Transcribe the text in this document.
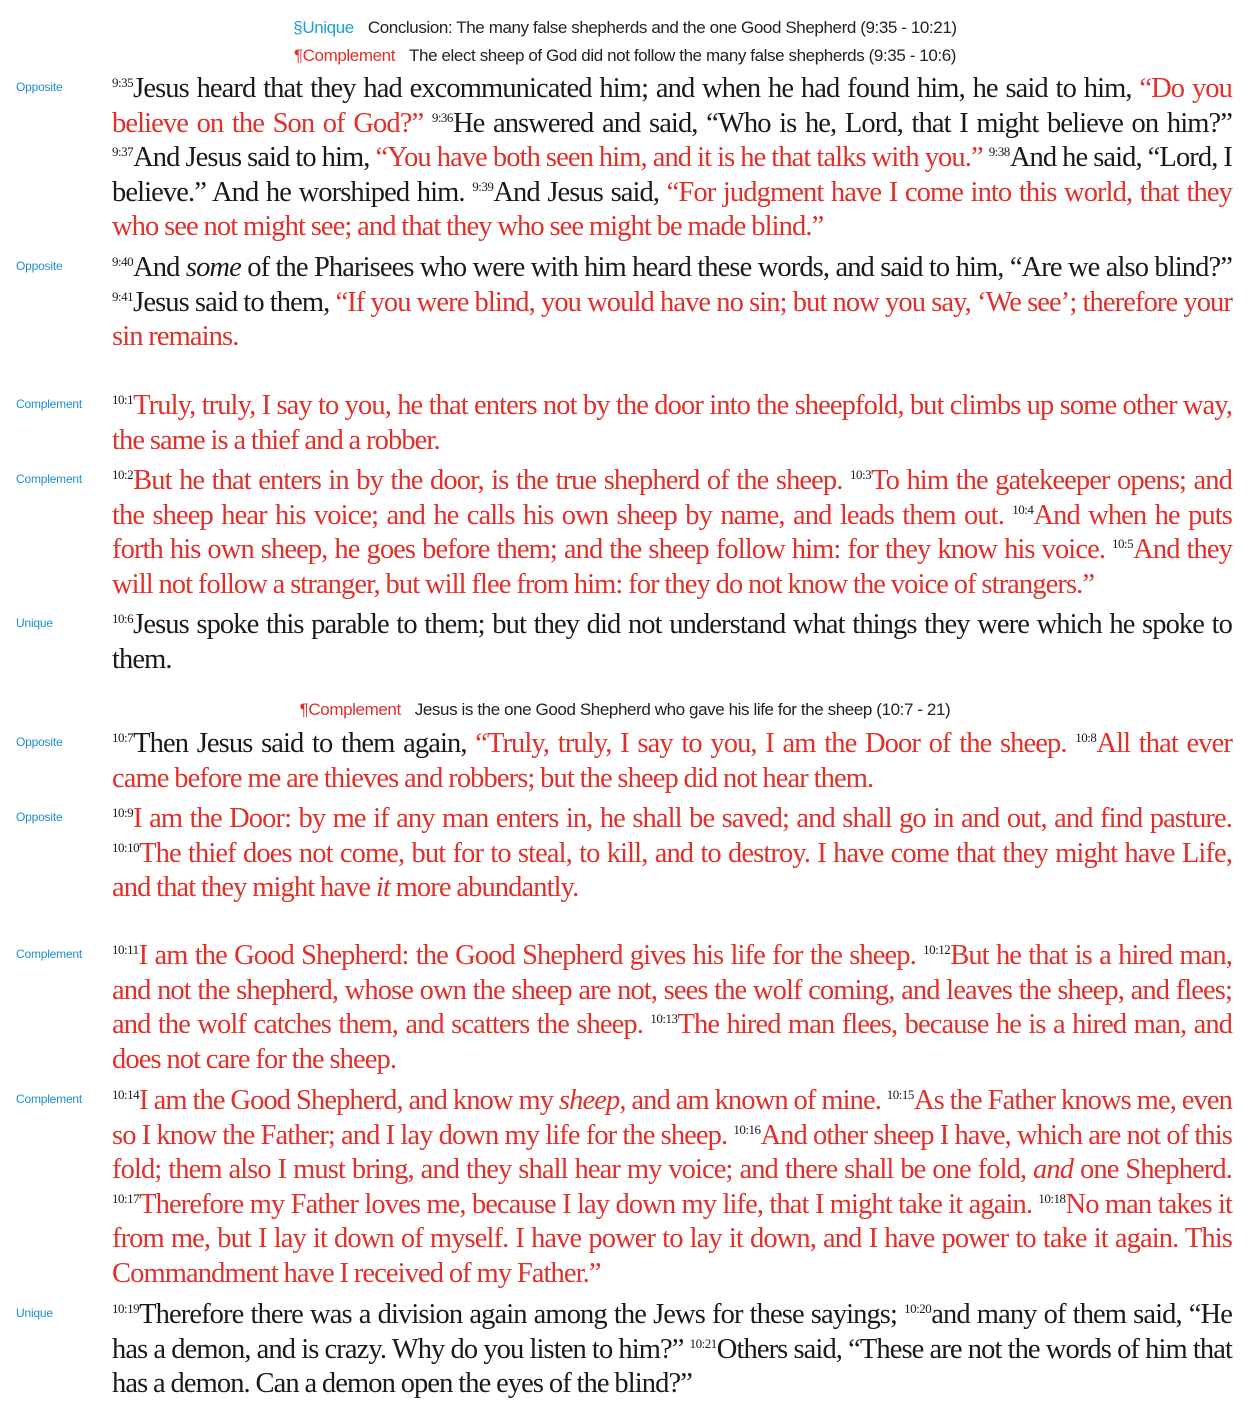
§Unique Conclusion: The many false shepherds and the one Good Shepherd (9:35 - 10:21)
¶Complement The elect sheep of God did not follow the many false shepherds (9:35 - 10:6)
¶Complement Jesus is the one Good Shepherd who gave his life for the sheep (10:7 - 21)
Opposite	$^{9:35}$Jesus heard that they had excommunicated him; and when he had found him, he said to him, “Do you believe on the Son of God?” $^{9:36}$He answered and said, “Who is he, Lord, that I might believe on him?” $^{9:37}$And Jesus said to him, “You have both seen him, and it is he that talks with you.” $^{9:38}$And he said, “Lord, I believe.” And he worshiped him. $^{9:39}$And Jesus said, “For judgment have I come into this world, that they who see not might see; and that they who see might be made blind.”
Opposite	$^{9:40}$And some of the Pharisees who were with him heard these words, and said to him, “Are we also blind?” $^{9:41}$Jesus said to them, “If you were blind, you would have no sin; but now you say, ‘We see’; therefore your sin remains.
Complement $^{10:1}$Truly, truly, I say to you, he that enters not by the door into the sheepfold, but climbs up some other way, the same is a thief and a robber.
Complement $^{10:2}$But he that enters in by the door, is the true shepherd of the sheep. $^{10:3}$To him the gatekeeper opens; and the sheep hear his voice; and he calls his own sheep by name, and leads them out. $^{10:4}$And when he puts forth his own sheep, he goes before them; and the sheep follow him: for they know his voice. $^{10:5}$And they will not follow a stranger, but will flee from him: for they do not know the voice of strangers.”
Unique	$^{10:6}$Jesus spoke this parable to them; but they did not understand what things they were which he spoke to them.
Opposite	$^{10:7}$Then Jesus said to them again, “Truly, truly, I say to you, I am the Door of the sheep. $^{10:8}$All that ever came before me are thieves and robbers; but the sheep did not hear them.
Opposite	$^{10:9}$I am the Door: by me if any man enters in, he shall be saved; and shall go in and out, and find pasture. $^{10:10}$The thief does not come, but for to steal, to kill, and to destroy. I have come that they might have Life, and that they might have it more abundantly.
Complement $^{10:11}$I am the Good Shepherd: the Good Shepherd gives his life for the sheep. $^{10:12}$But he that is a hired man, and not the shepherd, whose own the sheep are not, sees the wolf coming, and leaves the sheep, and flees; and the wolf catches them, and scatters the sheep. $^{10:13}$The hired man flees, because he is a hired man, and does not care for the sheep.
Complement $^{10:14}$I am the Good Shepherd, and know my sheep, and am known of mine. $^{10:15}$As the Father knows me, even so I know the Father; and I lay down my life for the sheep. $^{10:16}$And other sheep I have, which are not of this fold; them also I must bring, and they shall hear my voice; and there shall be one fold, and one Shepherd. $^{10:17}$Therefore my Father loves me, because I lay down my life, that I might take it again. $^{10:18}$No man takes it from me, but I lay it down of myself. I have power to lay it down, and I have power to take it again. This Commandment have I received of my Father.”
Unique	$^{10:19}$Therefore there was a division again among the Jews for these sayings; $^{10:20}$and many of them said, “He has a demon, and is crazy. Why do you listen to him?” $^{10:21}$Others said, “These are not the words of him that has a demon. Can a demon open the eyes of the blind?”
